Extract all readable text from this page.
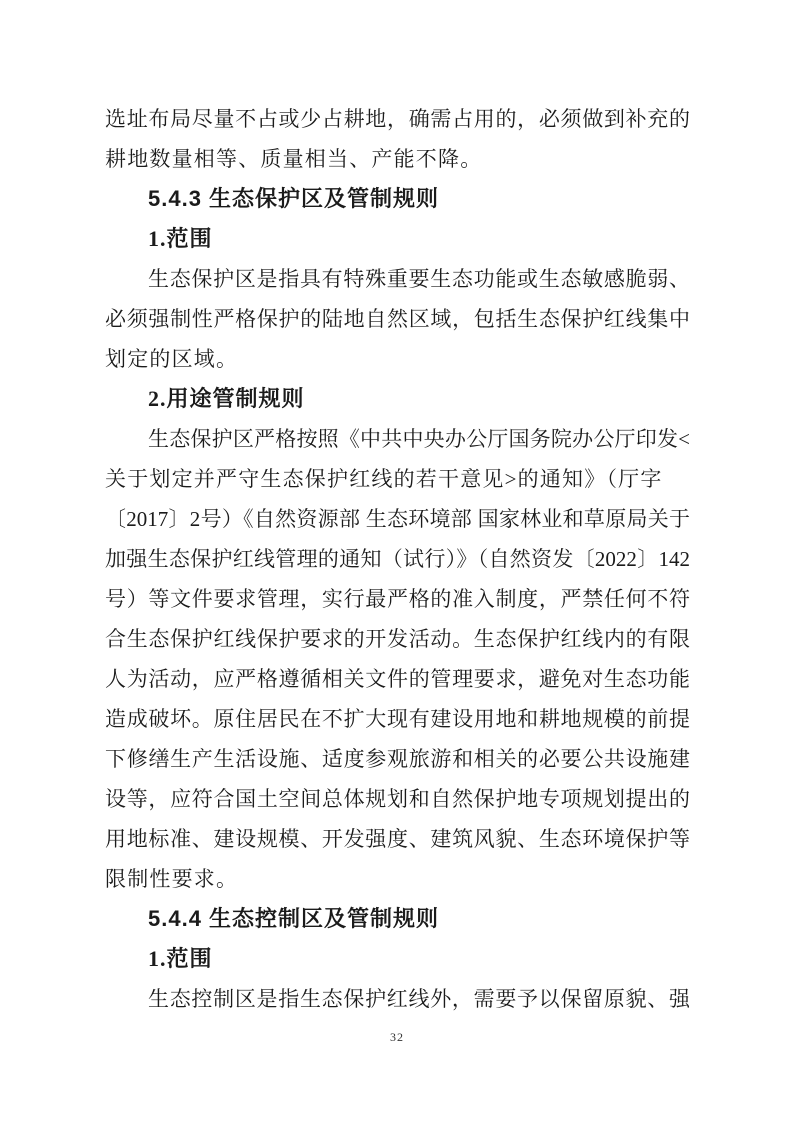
选址布局尽量不占或少占耕地，确需占用的，必须做到补充的
耕地数量相等、质量相当、产能不降。
5.4.3 生态保护区及管制规则
1.范围
生态保护区是指具有特殊重要生态功能或生态敏感脆弱、
必须强制性严格保护的陆地自然区域，包括生态保护红线集中
划定的区域。
2.用途管制规则
生态保护区严格按照《中共中央办公厅国务院办公厅印发<
关于划定并严守生态保护红线的若干意见>的通知》（厅字
〔2017〕2号）《自然资源部 生态环境部 国家林业和草原局关于
加强生态保护红线管理的通知（试行）》（自然资发〔2022〕142
号）等文件要求管理，实行最严格的准入制度，严禁任何不符
合生态保护红线保护要求的开发活动。生态保护红线内的有限
人为活动，应严格遵循相关文件的管理要求，避免对生态功能
造成破坏。原住居民在不扩大现有建设用地和耕地规模的前提
下修缮生产生活设施、适度参观旅游和相关的必要公共设施建
设等，应符合国土空间总体规划和自然保护地专项规划提出的
用地标准、建设规模、开发强度、建筑风貌、生态环境保护等
限制性要求。
5.4.4 生态控制区及管制规则
1.范围
生态控制区是指生态保护红线外，需要予以保留原貌、强
32
